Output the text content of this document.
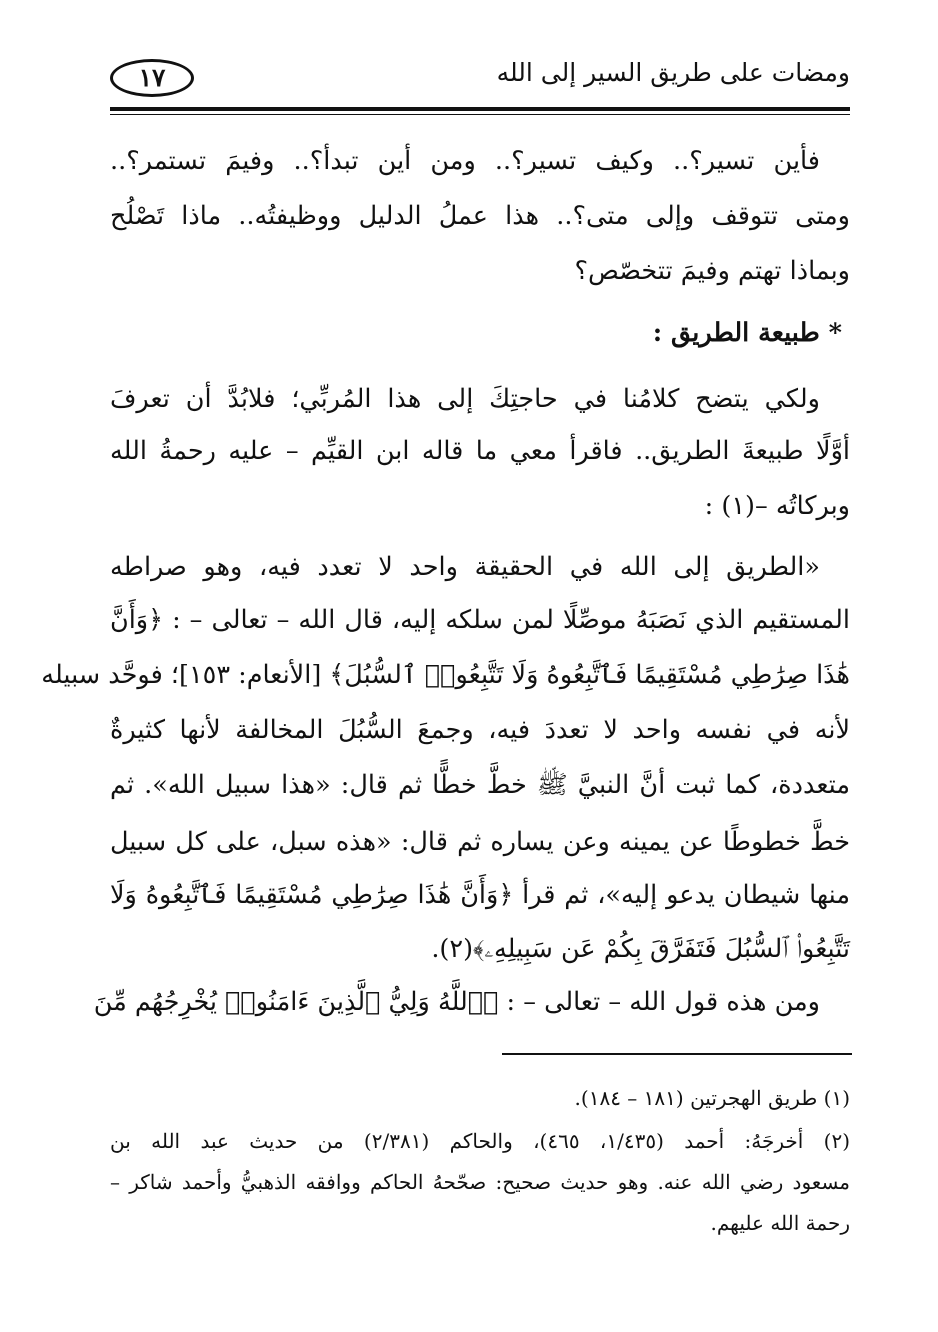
ومضات على طريق السير إلى الله
١٧
فأين تسير؟.. وكيف تسير؟.. ومن أين تبدأ؟.. وفيمَ تستمر؟..
ومتى تتوقف وإلى متى؟.. هذا عملُ الدليل ووظيفتُه.. ماذا تَصْلُح
وبماذا تهتم وفيمَ تتخصّص؟
* طبيعة الطريق :
ولكي يتضح كلامُنا في حاجتِكَ إلى هذا المُربِّي؛ فلابُدَّ أن تعرفَ
أوَّلًا طبيعةَ الطريق.. فاقرأ معي ما قاله ابن القيِّم – عليه رحمةُ الله
وبركاتُه –(١) :
«الطريق إلى الله في الحقيقة واحد لا تعدد فيه، وهو صراطه
المستقيم الذي نَصَبَهُ موصِّلًا لمن سلكه إليه، قال الله – تعالى – : ﴿وَأَنَّ
هَٰذَا صِرَٰطِي مُسْتَقِيمًا فَٱتَّبِعُوهُ وَلَا تَتَّبِعُوا۟ ٱلسُّبُلَ﴾ [الأنعام: ١٥٣]؛ فوحَّد سبيله
لأنه في نفسه واحد لا تعددَ فيه، وجمعَ السُّبُلَ المخالفة لأنها كثيرةٌ
متعددة، كما ثبت أنَّ النبيَّ ﷺ خطَّ خطًّا ثم قال: «هذا سبيل الله». ثم
خطَّ خطوطًا عن يمينه وعن يساره ثم قال: «هذه سبل، على كل سبيل
منها شيطان يدعو إليه»، ثم قرأ ﴿وَأَنَّ هَٰذَا صِرَٰطِي مُسْتَقِيمًا فَٱتَّبِعُوهُ وَلَا
تَتَّبِعُوا۟ ٱلسُّبُلَ فَتَفَرَّقَ بِكُمْ عَن سَبِيلِهِۦ﴾(٢).
ومن هذه قول الله – تعالى – : ﴿ٱللَّهُ وَلِيُّ ٱلَّذِينَ ءَامَنُوا۟ يُخْرِجُهُم مِّنَ
(١) طريق الهجرتين (١٨١ – ١٨٤).
(٢) أخرجَهُ: أحمد (١/٤٣٥، ٤٦٥)، والحاكم (٢/٣٨١) من حديث عبد الله بن
مسعود رضي الله عنه. وهو حديث صحيح: صحّحهُ الحاكم ووافقه الذهبيُّ وأحمد شاكر –
رحمة الله عليهم.
